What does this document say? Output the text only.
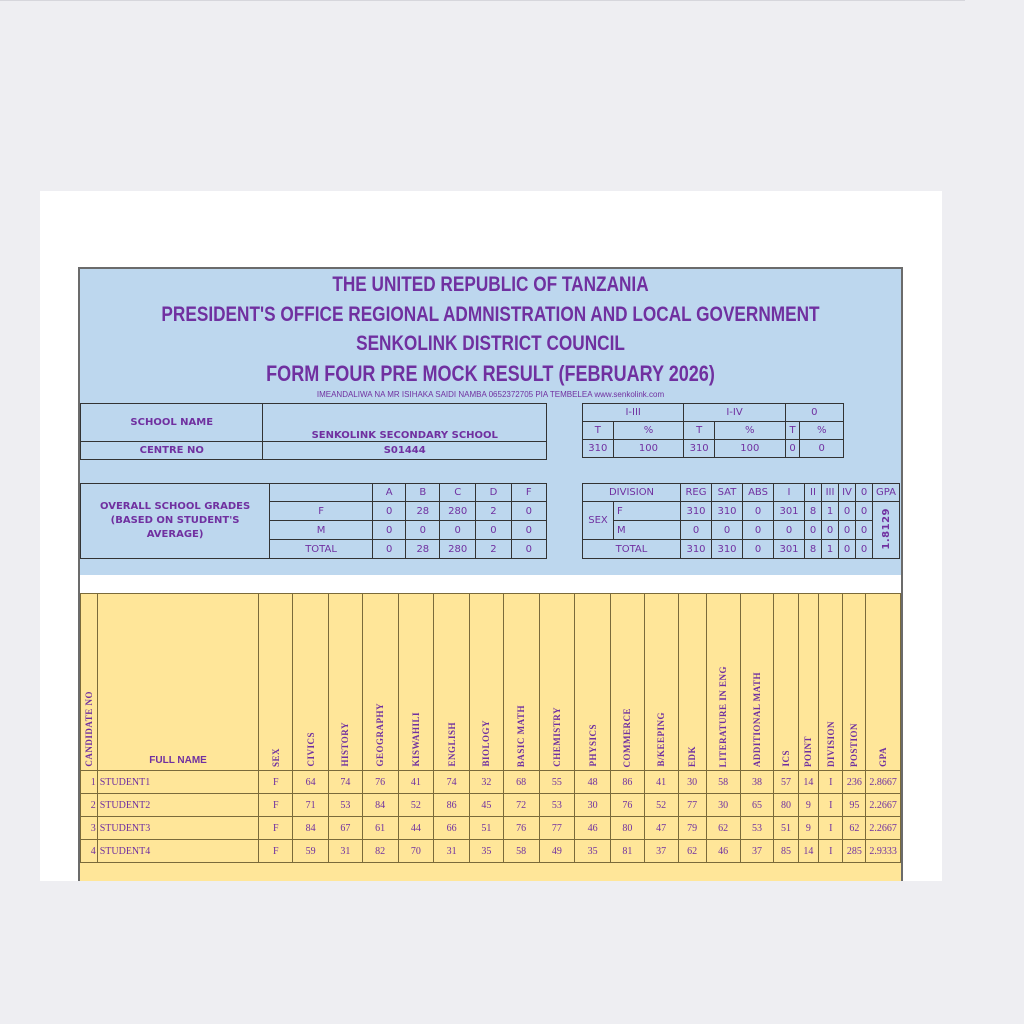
THE UNITED REPUBLIC OF TANZANIA
PRESIDENT'S OFFICE REGIONAL ADMNISTRATION AND LOCAL GOVERNMENT
SENKOLINK DISTRICT COUNCIL
FORM FOUR PRE MOCK RESULT (FEBRUARY 2026)
IMEANDALIWA NA MR ISIHAKA SAIDI NAMBA 0652372705 PIA TEMBELEA www.senkolink.com
SCHOOL NAME	SENKOLINK SECONDARY SCHOOL
CENTRE NO	S01444
I-III		I-IV		0	
T	%	T	%	T	%
310	100	310	100	0	0
OVERALL SCHOOL GRADES (BASED ON STUDENT'S AVERAGE)		A	B	C	D	F
	F	0	28	280	2	0
	M	0	0	0	0	0
	TOTAL	0	28	280	2	0
DIVISION		REG	SAT	ABS	I	II	III	IV	0	GPA
SEX	F	310	310	0	301	8	1	0	0	1.8129
	M	0	0	0	0	0	0	0	0	
TOTAL		310	310	0	301	8	1	0	0	
CANDIDATE NO	FULL NAME	SEX	CIVICS	HISTORY	GEOGRAPHY	KISWAHILI	ENGLISH	BIOLOGY	BASIC MATH	CHEMISTRY	PHYSICS	COMMERCE	B/KEEPING	EDK	LITERATURE IN ENG	ADDITIONAL MATH	ICS	POINT	DIVISION	POSTION	GPA
1	STUDENT1	F	64	74	76	41	74	32	68	55	48	86	41	30	58	38	57	14	I	236	2.8667
2	STUDENT2	F	71	53	84	52	86	45	72	53	30	76	52	77	30	65	80	9	I	95	2.2667
3	STUDENT3	F	84	67	61	44	66	51	76	77	46	80	47	79	62	53	51	9	I	62	2.2667
4	STUDENT4	F	59	31	82	70	31	35	58	49	35	81	37	62	46	37	85	14	I	285	2.9333
